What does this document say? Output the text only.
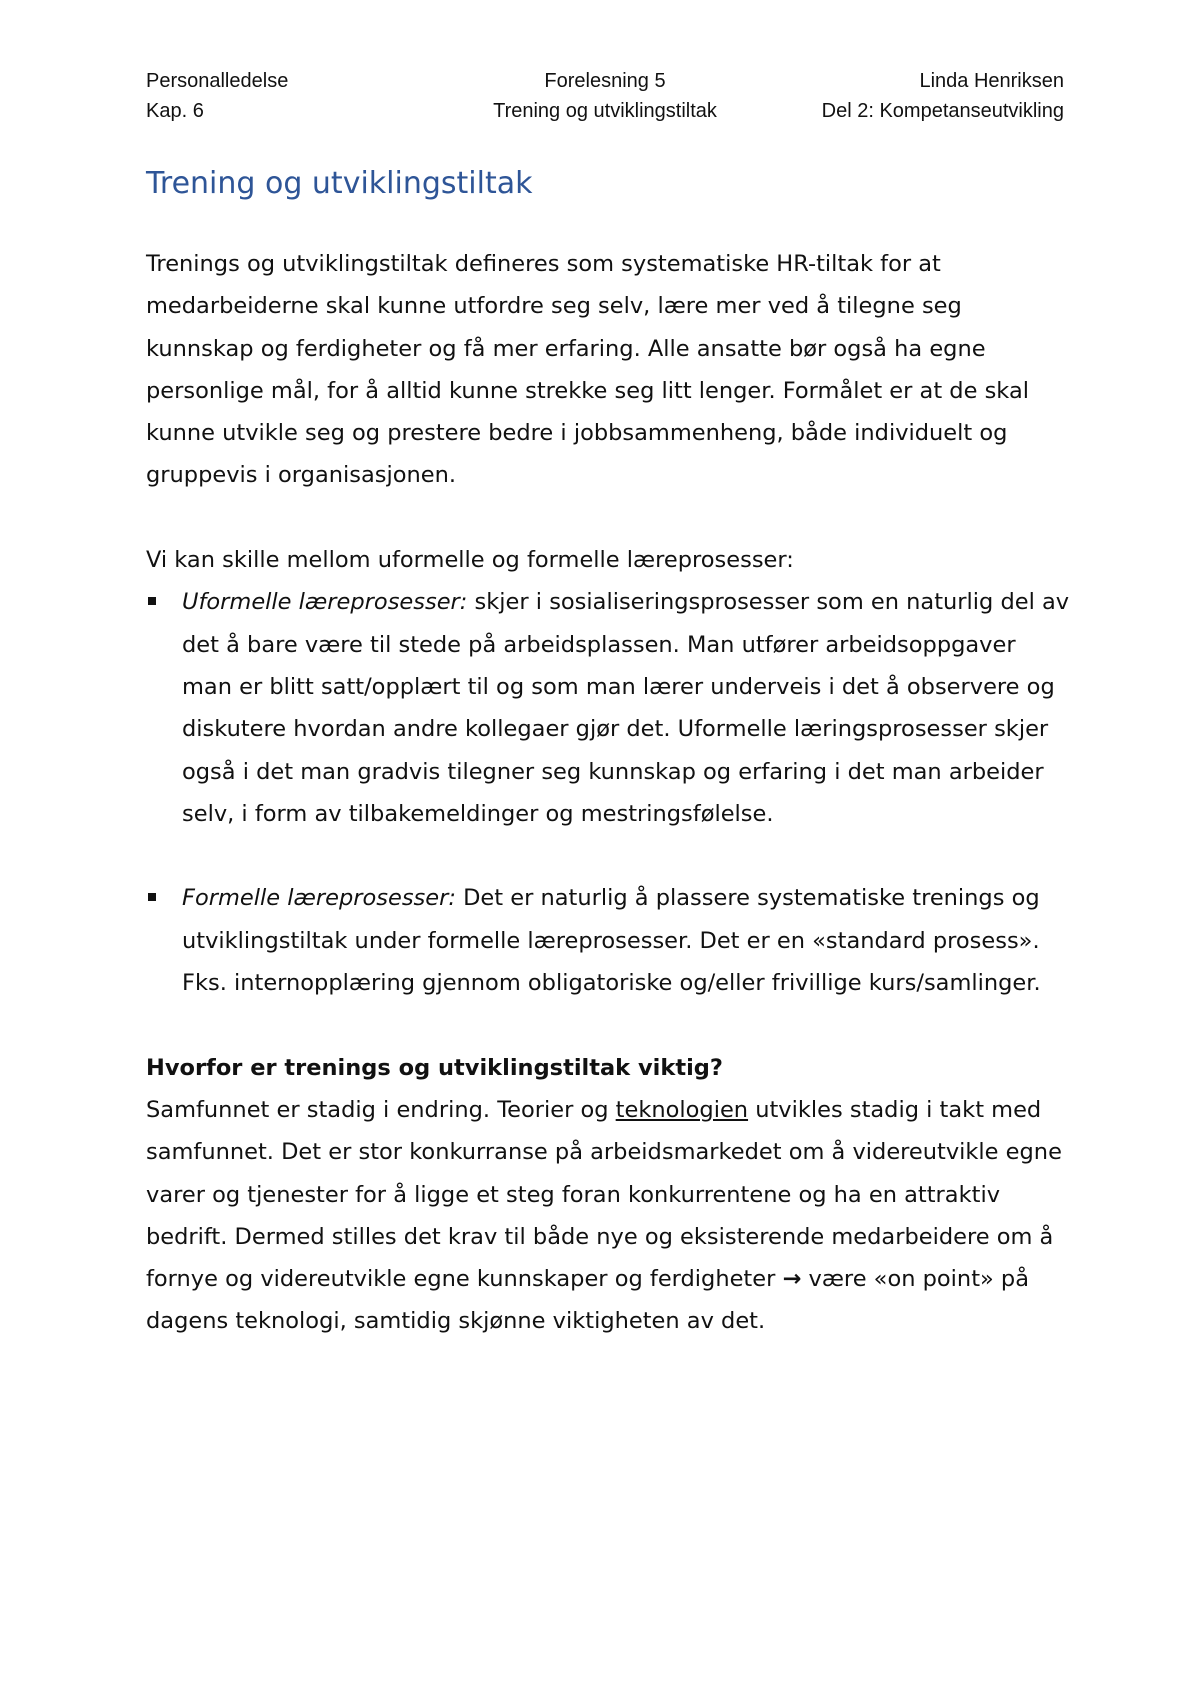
Personalledelse	Forelesning 5	Linda Henriksen
Kap. 6	Trening og utviklingstiltak	Del 2: Kompetanseutvikling
Trening og utviklingstiltak

Trenings og utviklingstiltak defineres som systematiske HR-tiltak for at medarbeiderne skal kunne utfordre seg selv, lære mer ved å tilegne seg kunnskap og ferdigheter og få mer erfaring. Alle ansatte bør også ha egne personlige mål, for å alltid kunne strekke seg litt lenger. Formålet er at de skal kunne utvikle seg og prestere bedre i jobbsammenheng, både individuelt og gruppevis i organisasjonen.

Vi kan skille mellom uformelle og formelle læreprosesser:

Uformelle læreprosesser: skjer i sosialiseringsprosesser som en naturlig del av det å bare være til stede på arbeidsplassen. Man utfører arbeidsoppgaver man er blitt satt/opplært til og som man lærer underveis i det å observere og diskutere hvordan andre kollegaer gjør det. Uformelle læringsprosesser skjer også i det man gradvis tilegner seg kunnskap og erfaring i det man arbeider selv, i form av tilbakemeldinger og mestringsfølelse.
Formelle læreprosesser: Det er naturlig å plassere systematiske trenings og utviklingstiltak under formelle læreprosesser. Det er en «standard prosess». Fks. internopplæring gjennom obligatoriske og/eller frivillige kurs/samlinger.

Hvorfor er trenings og utviklingstiltak viktig?

Samfunnet er stadig i endring. Teorier og teknologien utvikles stadig i takt med samfunnet. Det er stor konkurranse på arbeidsmarkedet om å videreutvikle egne varer og tjenester for å ligge et steg foran konkurrentene og ha en attraktiv bedrift. Dermed stilles det krav til både nye og eksisterende medarbeidere om å fornye og videreutvikle egne kunnskaper og ferdigheter → være «on point» på dagens teknologi, samtidig skjønne viktigheten av det.
